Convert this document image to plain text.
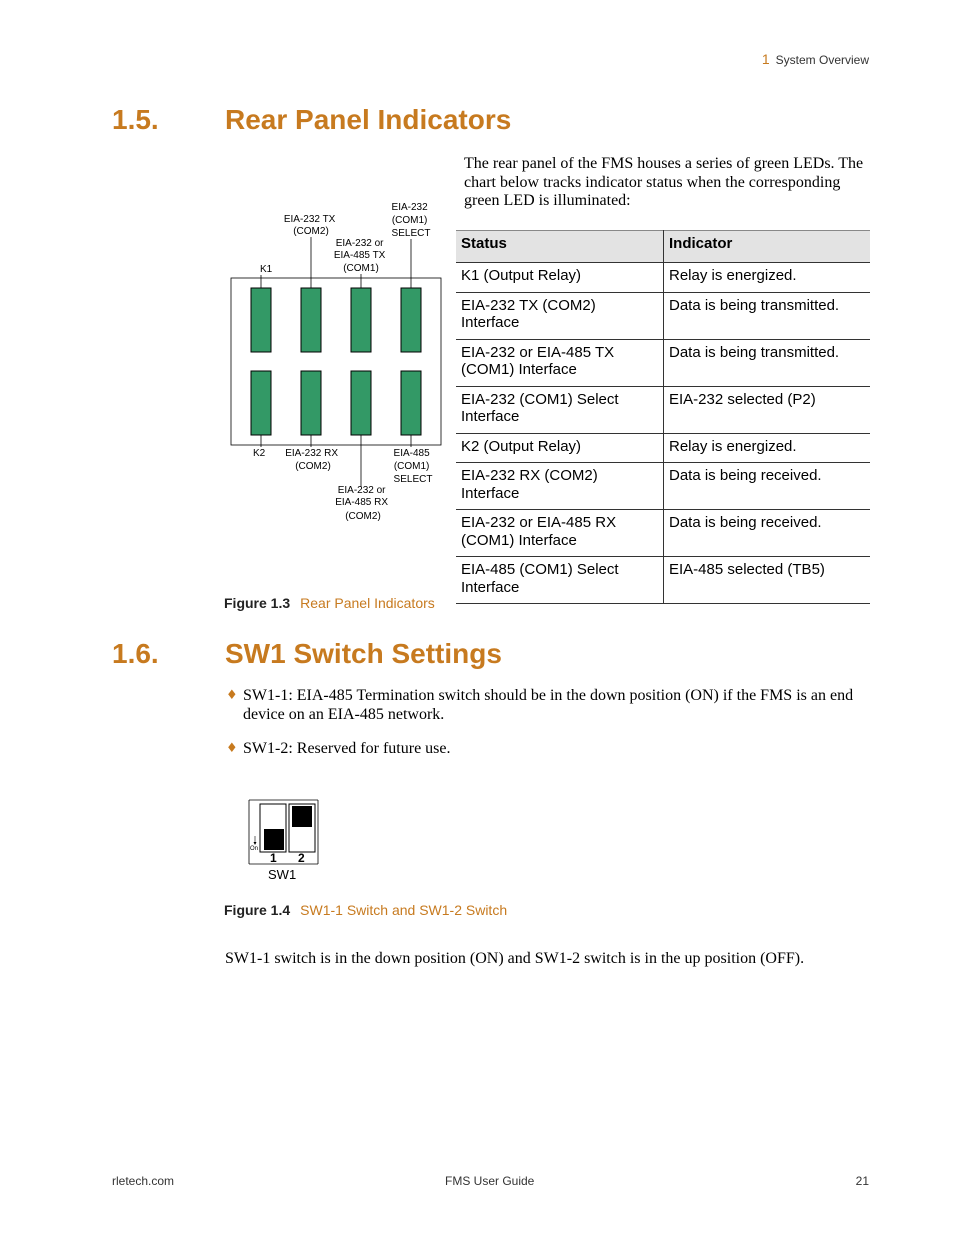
1 System Overview
1.5. Rear Panel Indicators
The rear panel of the FMS houses a series of green LEDs. The chart below tracks indicator status when the corresponding green LED is illuminated:
K1
EIA-232 TX (COM2)
EIA-232 or EIA-485 TX (COM1)
EIA-232 (COM1) SELECT
K2 EIA-232 RX (COM2)
EIA-232 or EIA-485 RX (COM2)
EIA-485 (COM1) SELECT
Status	Indicator
K1 (Output Relay)	Relay is energized.
EIA-232 TX (COM2) Interface	Data is being transmitted.
EIA-232 or EIA-485 TX (COM1) Interface	Data is being transmitted.
EIA-232 (COM1) Select Interface	EIA-232 selected (P2)
K2 (Output Relay)	Relay is energized.
EIA-232 RX (COM2) Interface	Data is being received.
EIA-232 or EIA-485 RX (COM1) Interface	Data is being received.
EIA-485 (COM1) Select Interface	EIA-485 selected (TB5)
Figure 1.3 Rear Panel Indicators
1.6. SW1 Switch Settings
♦ SW1-1: EIA-485 Termination switch should be in the down position (ON) if the FMS is an end device on an EIA-485 network.
♦ SW1-2: Reserved for future use.
On
1 2
SW1
Figure 1.4 SW1-1 Switch and SW1-2 Switch
SW1-1 switch is in the down position (ON) and SW1-2 switch is in the up position (OFF).
rletech.com	FMS User Guide	21
